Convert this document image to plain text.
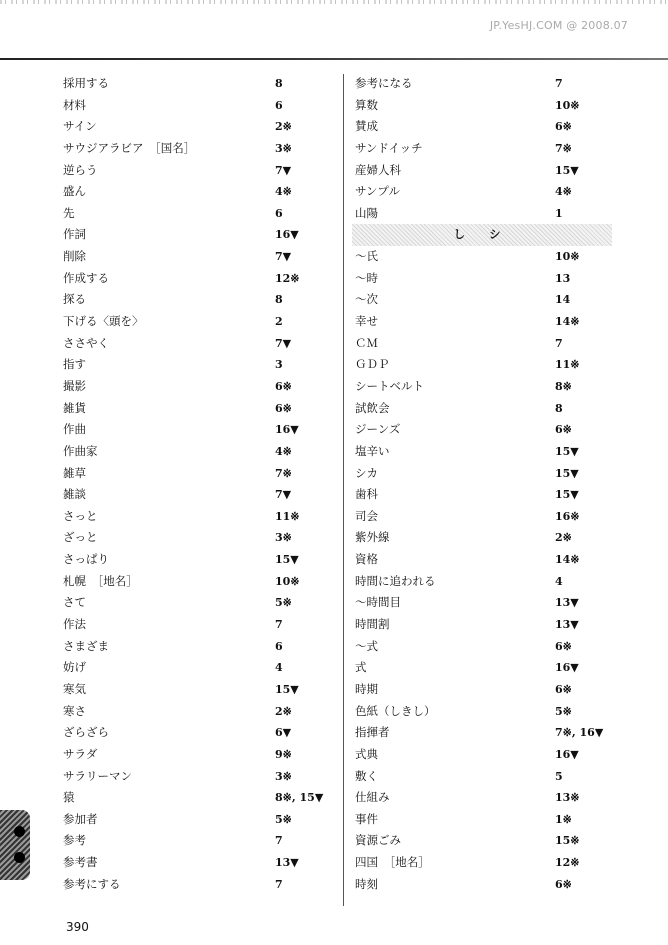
JP.YesHJ.COM @ 2008.07
採用する	8
材料	6
サイン	2※
サウジアラビア　［国名］	3※
逆らう	7▼
盛ん	4※
先	6
作詞	16▼
削除	7▼
作成する	12※
探る	8
下げる〈頭を〉	2
ささやく	7▼
指す	3
撮影	6※
雑貨	6※
作曲	16▼
作曲家	4※
雑草	7※
雑談	7▼
さっと	11※
ざっと	3※
さっぱり	15▼
札幌　［地名］	10※
さて	5※
作法	7
さまざま	6
妨げ	4
寒気	15▼
寒さ	2※
ざらざら	6▼
サラダ	9※
サラリーマン	3※
猿	8※, 15▼
参加者	5※
参考	7
参考書	13▼
参考にする	7
参考になる	7
算数	10※
賛成	6※
サンドイッチ	7※
産婦人科	15▼
サンプル	4※
山陽	1
し シ
～氏	10※
～時	13
～次	14
幸せ	14※
ＣＭ	7
ＧＤＰ	11※
シートベルト	8※
試飲会	8
ジーンズ	6※
塩辛い	15▼
シカ	15▼
歯科	15▼
司会	16※
紫外線	2※
資格	14※
時間に追われる	4
～時間目	13▼
時間割	13▼
～式	6※
式	16▼
時期	6※
色紙（しきし）	5※
指揮者	7※, 16▼
式典	16▼
敷く	5
仕組み	13※
事件	1※
資源ごみ	15※
四国　［地名］	12※
時刻	6※
390
